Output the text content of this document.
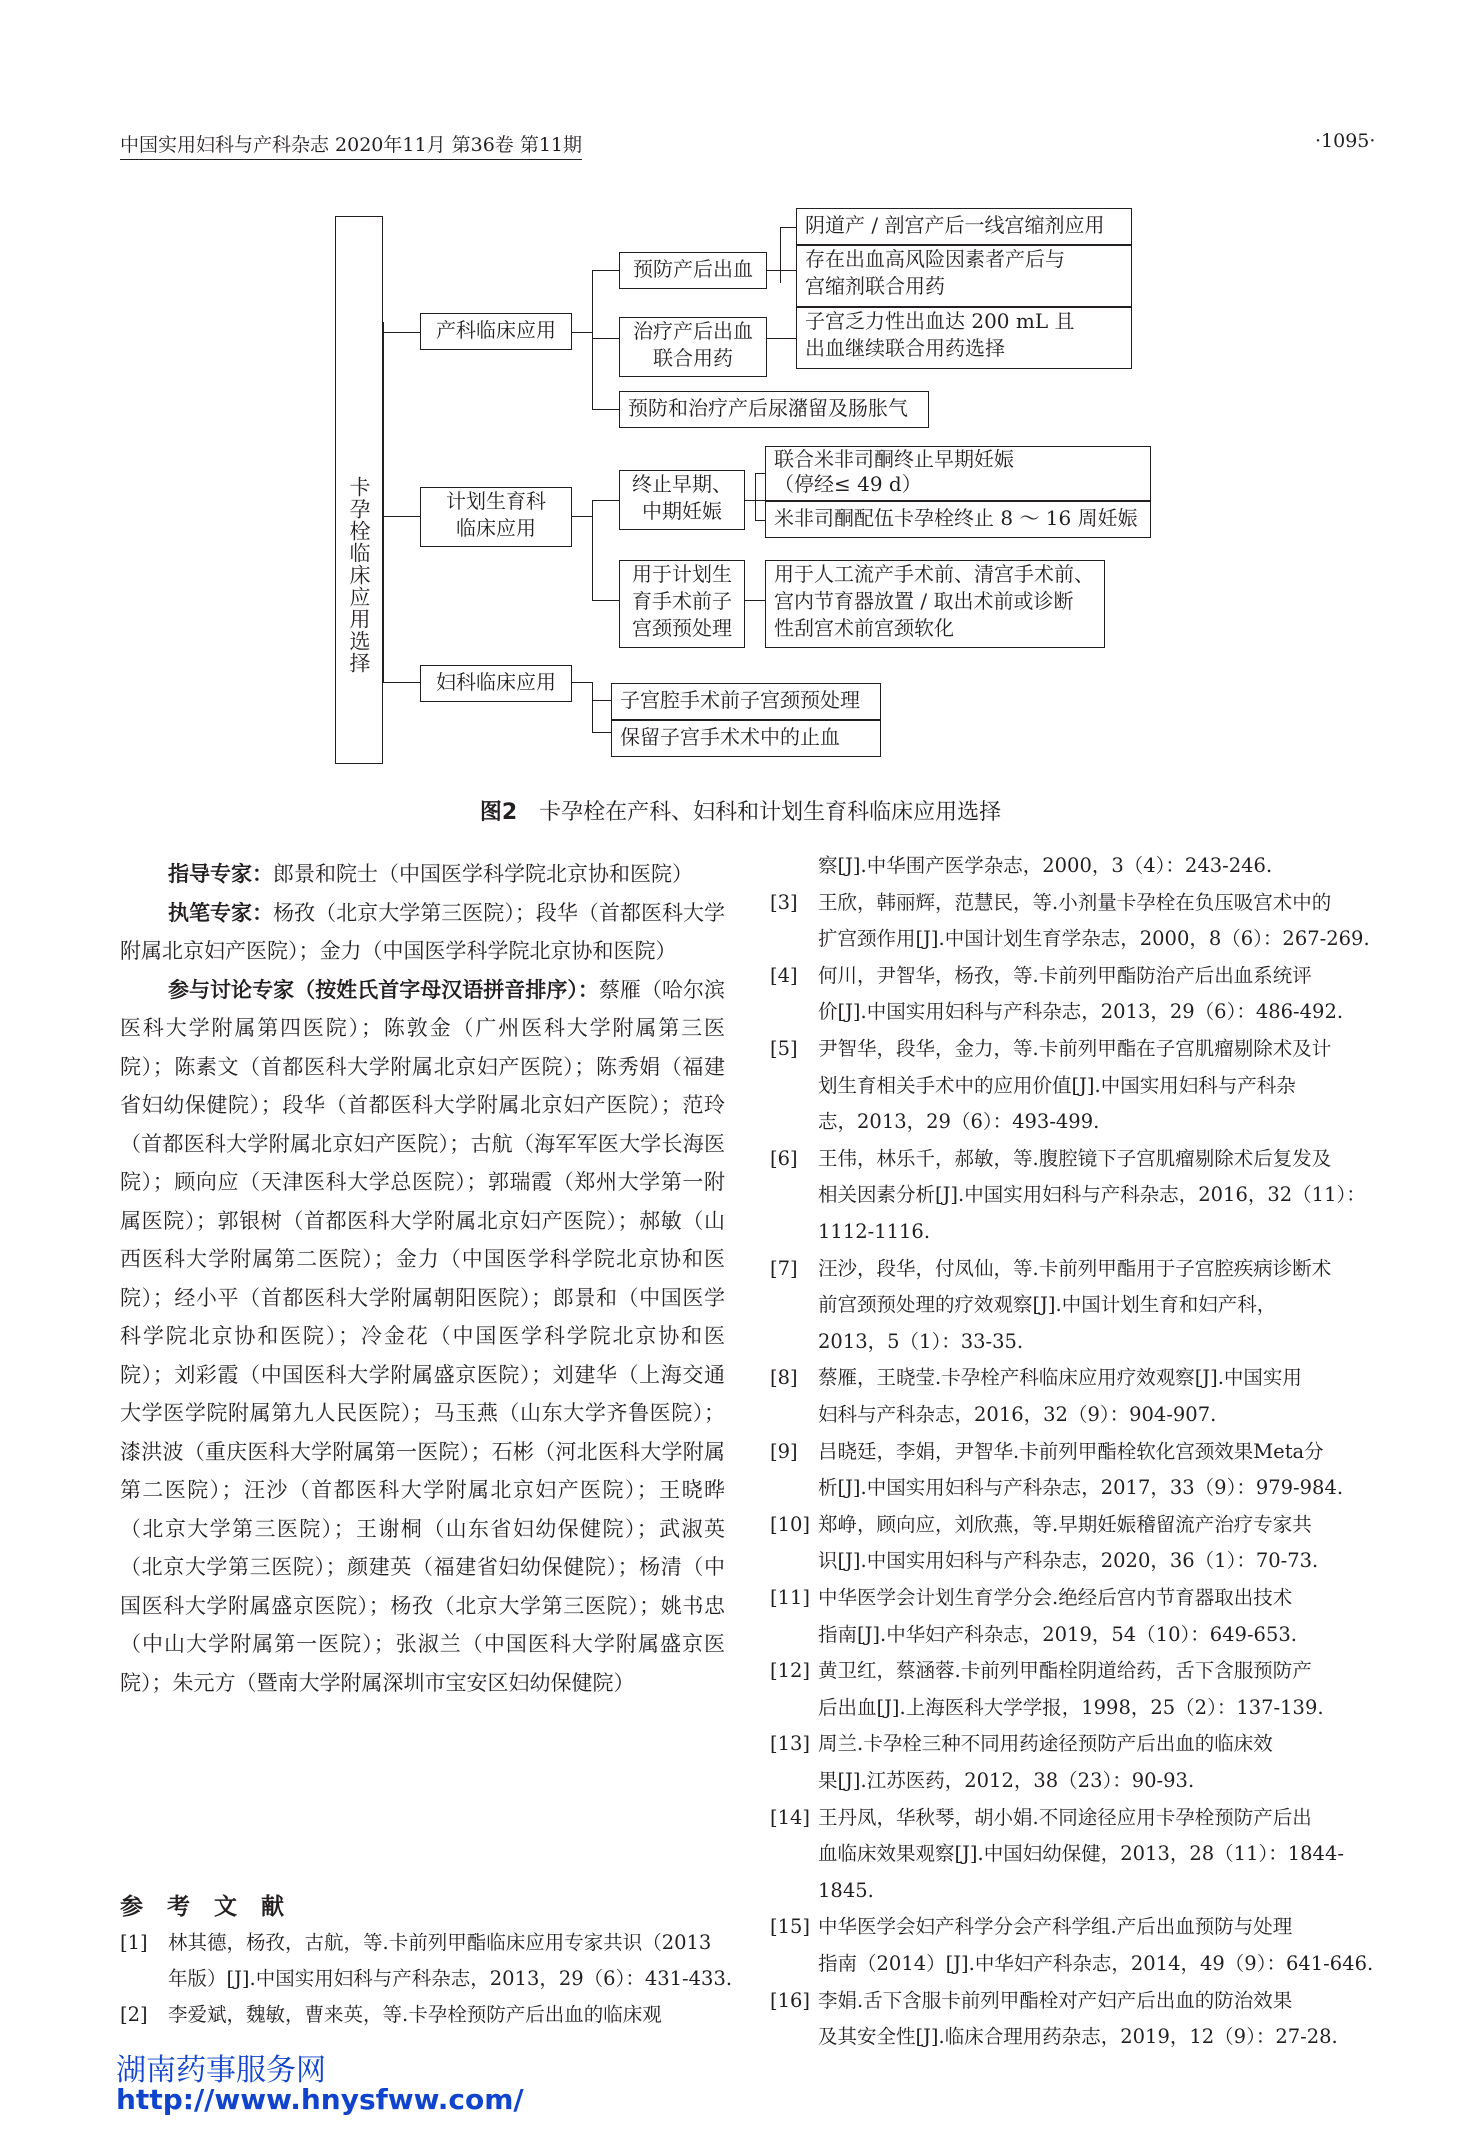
中国实用妇科与产科杂志 2020年11月 第36卷 第11期	·1095·
卡孕栓临床应用选择
产科临床应用
计划生育科
临床应用
妇科临床应用
预防产后出血
治疗产后出血
联合用药
预防和治疗产后尿潴留及肠胀气
阴道产 / 剖宫产后一线宫缩剂应用
存在出血高风险因素者产后与
宫缩剂联合用药
子宫乏力性出血达 200 mL 且
出血继续联合用药选择
终止早期、
中期妊娠
用于计划生
育手术前子
宫颈预处理
联合米非司酮终止早期妊娠
（停经≤ 49 d）
米非司酮配伍卡孕栓终止 8 ～ 16 周妊娠
用于人工流产手术前、清宫手术前、
宫内节育器放置 / 取出术前或诊断
性刮宫术前宫颈软化
子宫腔手术前子宫颈预处理
保留子宫手术术中的止血
图2 卡孕栓在产科、妇科和计划生育科临床应用选择

指导专家：郎景和院士（中国医学科学院北京协和医院）

执笔专家：杨孜（北京大学第三医院）；段华（首都医科大学附属北京妇产医院）；金力（中国医学科学院北京协和医院）

参与讨论专家（按姓氏首字母汉语拼音排序）：蔡雁（哈尔滨医科大学附属第四医院）；陈敦金（广州医科大学附属第三医院）；陈素文（首都医科大学附属北京妇产医院）；陈秀娟（福建省妇幼保健院）；段华（首都医科大学附属北京妇产医院）；范玲（首都医科大学附属北京妇产医院）；古航（海军军医大学长海医院）；顾向应（天津医科大学总医院）；郭瑞霞（郑州大学第一附属医院）；郭银树（首都医科大学附属北京妇产医院）；郝敏（山西医科大学附属第二医院）；金力（中国医学科学院北京协和医院）；经小平（首都医科大学附属朝阳医院）；郎景和（中国医学科学院北京协和医院）；冷金花（中国医学科学院北京协和医院）；刘彩霞（中国医科大学附属盛京医院）；刘建华（上海交通大学医学院附属第九人民医院）；马玉燕（山东大学齐鲁医院）；漆洪波（重庆医科大学附属第一医院）；石彬（河北医科大学附属第二医院）；汪沙（首都医科大学附属北京妇产医院）；王晓晔（北京大学第三医院）；王谢桐（山东省妇幼保健院）；武淑英（北京大学第三医院）；颜建英（福建省妇幼保健院）；杨清（中国医科大学附属盛京医院）；杨孜（北京大学第三医院）；姚书忠（中山大学附属第一医院）；张淑兰（中国医科大学附属盛京医院）；朱元方（暨南大学附属深圳市宝安区妇幼保健院）

参 考 文 献
[1] 林其德，杨孜，古航，等.卡前列甲酯临床应用专家共识（2013
年版）[J].中国实用妇科与产科杂志，2013，29（6）：431-433.
[2] 李爱斌，魏敏，曹来英，等.卡孕栓预防产后出血的临床观
察[J].中华围产医学杂志，2000，3（4）：243-246.
[3] 王欣，韩丽辉，范慧民，等.小剂量卡孕栓在负压吸宫术中的
扩宫颈作用[J].中国计划生育学杂志，2000，8（6）：267-269.
[4] 何川，尹智华，杨孜，等.卡前列甲酯防治产后出血系统评
价[J].中国实用妇科与产科杂志，2013，29（6）：486-492.
[5] 尹智华，段华，金力，等.卡前列甲酯在子宫肌瘤剔除术及计
划生育相关手术中的应用价值[J].中国实用妇科与产科杂
志，2013，29（6）：493-499.
[6] 王伟，林乐千，郝敏，等.腹腔镜下子宫肌瘤剔除术后复发及
相关因素分析[J].中国实用妇科与产科杂志，2016，32（11）：
1112-1116.
[7] 汪沙，段华，付凤仙，等.卡前列甲酯用于子宫腔疾病诊断术
前宫颈预处理的疗效观察[J].中国计划生育和妇产科，
2013，5（1）：33-35.
[8] 蔡雁，王晓莹.卡孕栓产科临床应用疗效观察[J].中国实用
妇科与产科杂志，2016，32（9）：904-907.
[9] 吕晓廷，李娟，尹智华.卡前列甲酯栓软化宫颈效果Meta分
析[J].中国实用妇科与产科杂志，2017，33（9）：979-984.
[10] 郑峥，顾向应，刘欣燕，等.早期妊娠稽留流产治疗专家共
识[J].中国实用妇科与产科杂志，2020，36（1）：70-73.
[11] 中华医学会计划生育学分会.绝经后宫内节育器取出技术
指南[J].中华妇产科杂志，2019，54（10）：649-653.
[12] 黄卫红，蔡涵蓉.卡前列甲酯栓阴道给药，舌下含服预防产
后出血[J].上海医科大学学报，1998，25（2）：137-139.
[13] 周兰.卡孕栓三种不同用药途径预防产后出血的临床效
果[J].江苏医药，2012，38（23）：90-93.
[14] 王丹凤，华秋琴，胡小娟.不同途径应用卡孕栓预防产后出
血临床效果观察[J].中国妇幼保健，2013，28（11）：1844-
1845.
[15] 中华医学会妇产科学分会产科学组.产后出血预防与处理
指南（2014）[J].中华妇产科杂志，2014，49（9）：641-646.
[16] 李娟.舌下含服卡前列甲酯栓对产妇产后出血的防治效果
及其安全性[J].临床合理用药杂志，2019，12（9）：27-28.
湖南药事服务网
http://www.hnysfww.com/
